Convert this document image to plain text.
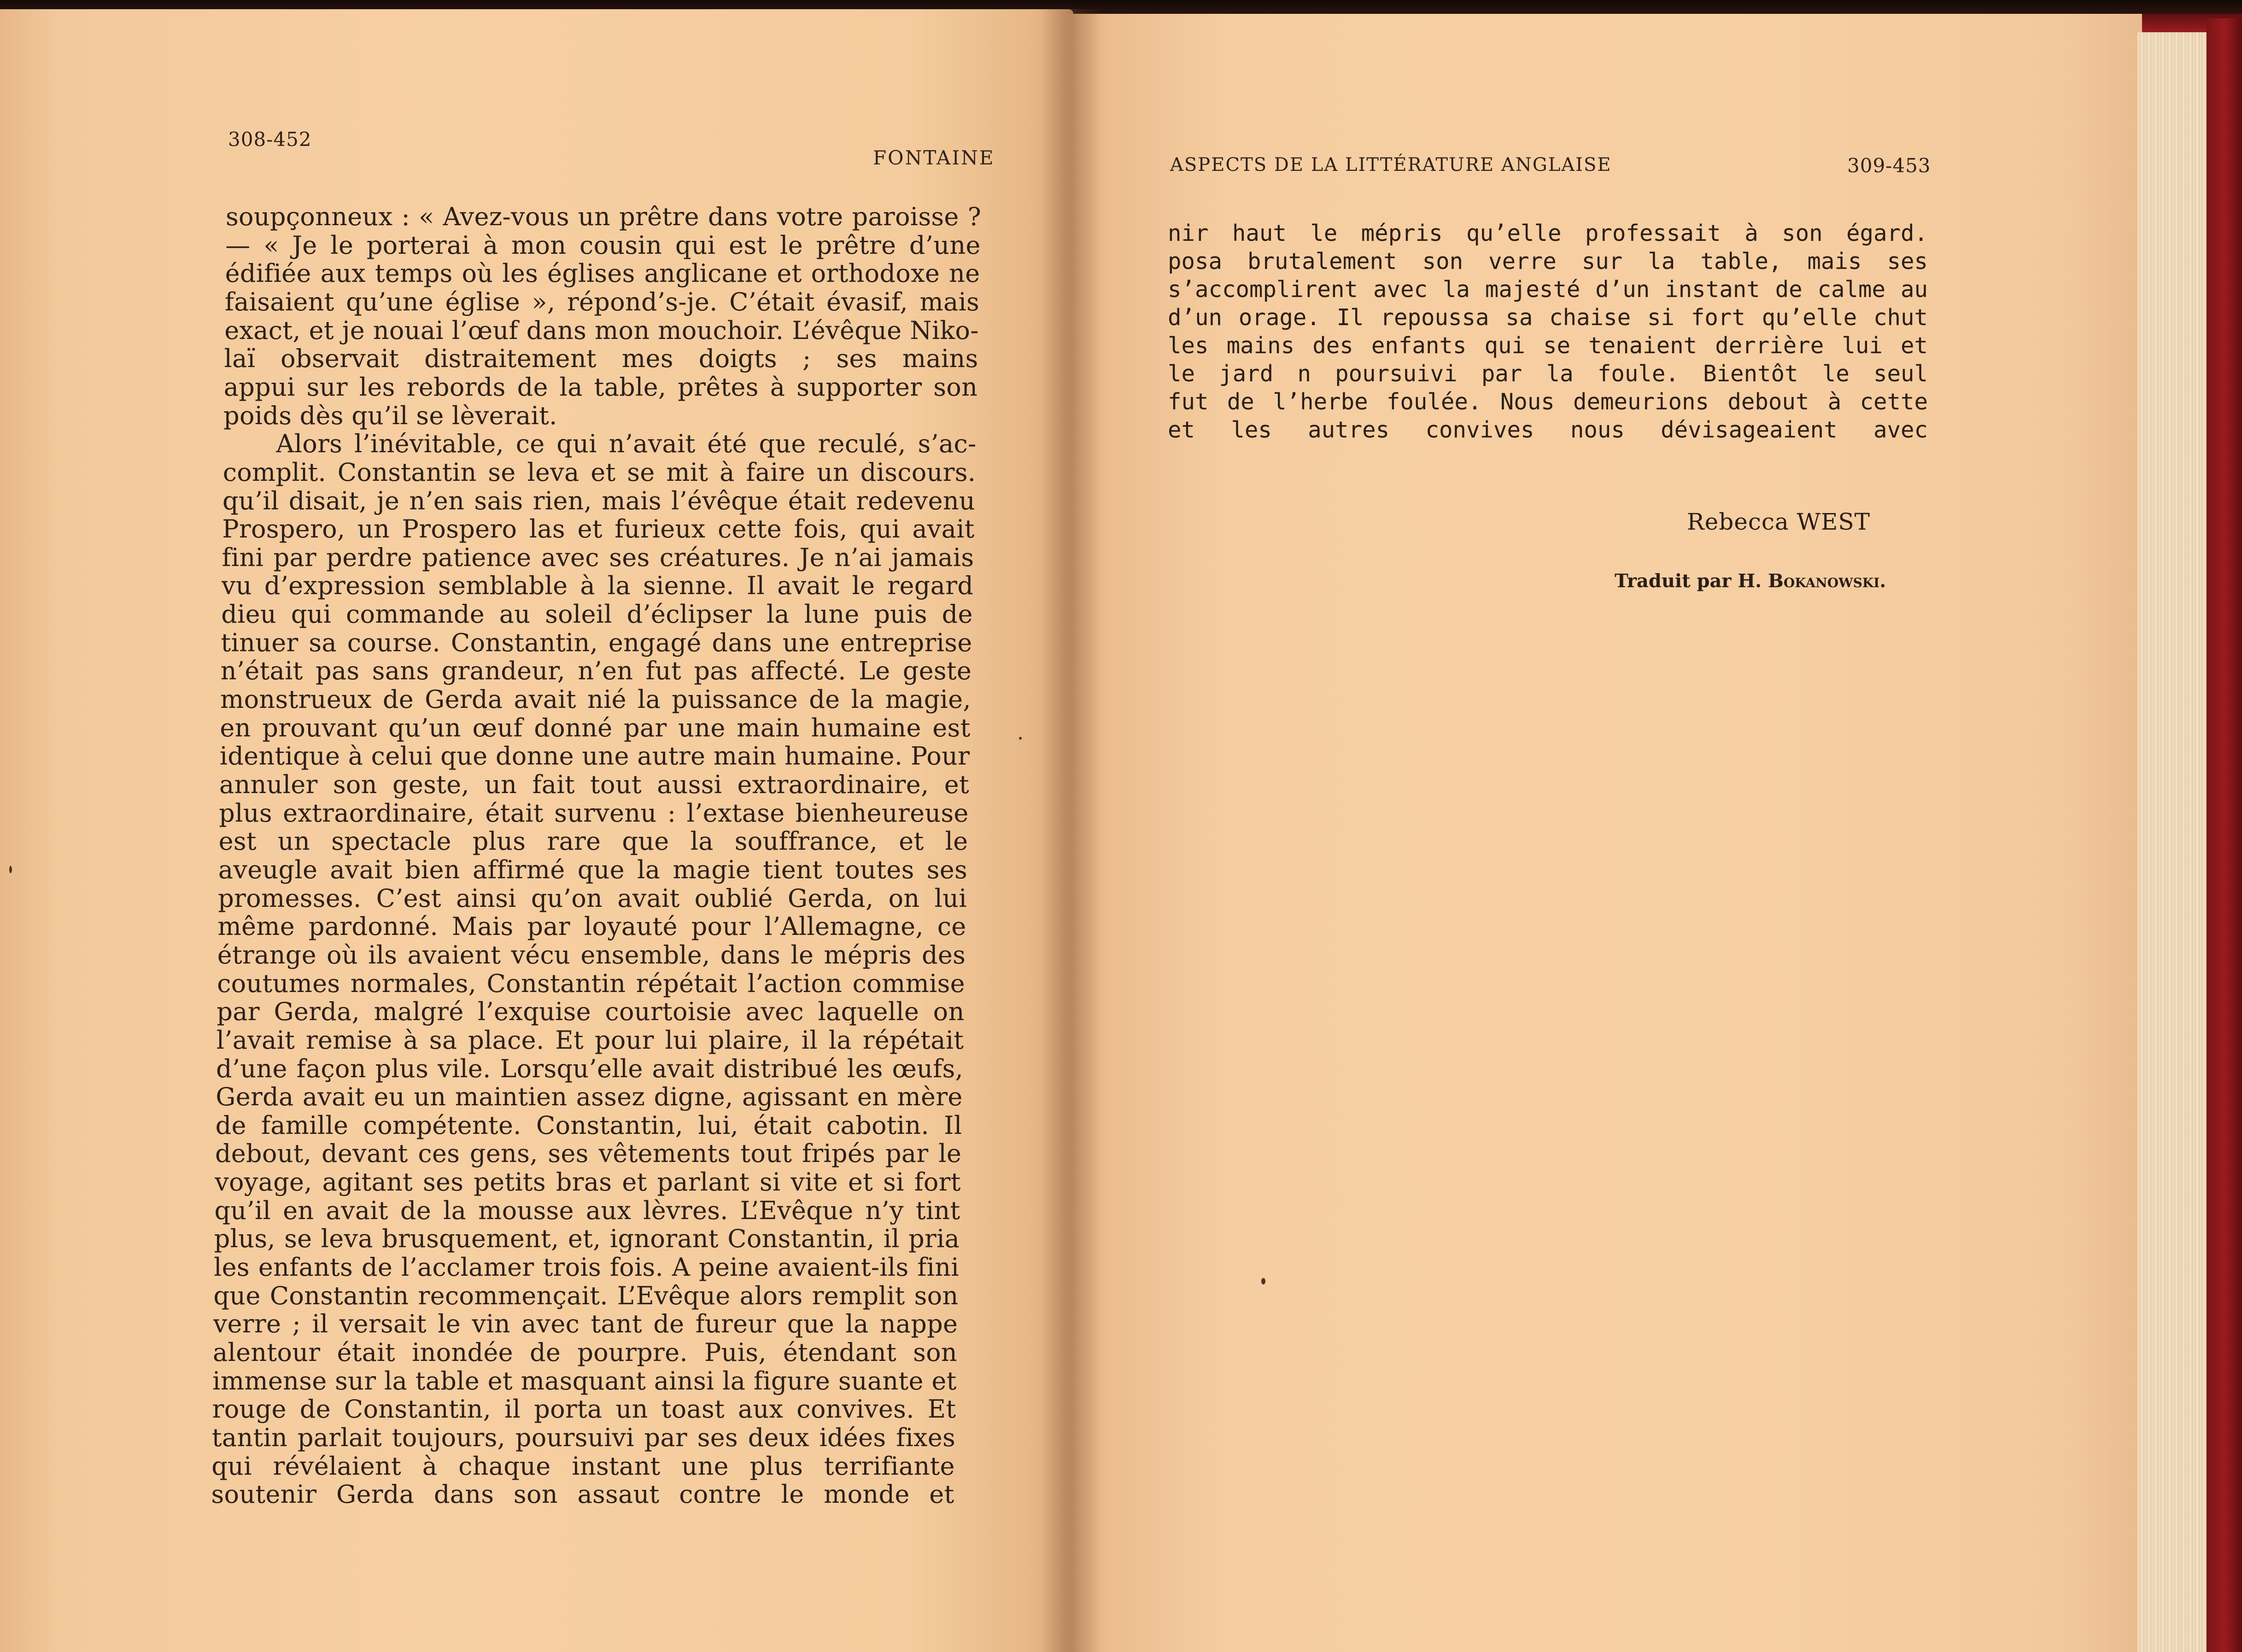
308-452
FONTAINE
soupçonneux : « Avez-vous un prêtre dans votre paroisse ?
— « Je le porterai à mon cousin qui est le prêtre d’une
édifiée aux temps où les églises anglicane et orthodoxe ne
faisaient qu’une église », répond’s-je. C’était évasif, mais
exact, et je nouai l’œuf dans mon mouchoir. L’évêque Niko-
laï observait distraitement mes doigts ; ses mains
appui sur les rebords de la table, prêtes à supporter son
poids dès qu’il se lèverait.
Alors l’inévitable, ce qui n’avait été que reculé, s’ac-
complit. Constantin se leva et se mit à faire un discours.
qu’il disait, je n’en sais rien, mais l’évêque était redevenu
Prospero, un Prospero las et furieux cette fois, qui avait
fini par perdre patience avec ses créatures. Je n’ai jamais
vu d’expression semblable à la sienne. Il avait le regard
dieu qui commande au soleil d’éclipser la lune puis de
tinuer sa course. Constantin, engagé dans une entreprise
n’était pas sans grandeur, n’en fut pas affecté. Le geste
monstrueux de Gerda avait nié la puissance de la magie,
en prouvant qu’un œuf donné par une main humaine est
identique à celui que donne une autre main humaine. Pour
annuler son geste, un fait tout aussi extraordinaire, et
plus extraordinaire, était survenu : l’extase bienheureuse
est un spectacle plus rare que la souffrance, et le
aveugle avait bien affirmé que la magie tient toutes ses
promesses. C’est ainsi qu’on avait oublié Gerda, on lui
même pardonné. Mais par loyauté pour l’Allemagne, ce
étrange où ils avaient vécu ensemble, dans le mépris des
coutumes normales, Constantin répétait l’action commise
par Gerda, malgré l’exquise courtoisie avec laquelle on
l’avait remise à sa place. Et pour lui plaire, il la répétait
d’une façon plus vile. Lorsqu’elle avait distribué les œufs,
Gerda avait eu un maintien assez digne, agissant en mère
de famille compétente. Constantin, lui, était cabotin. Il
debout, devant ces gens, ses vêtements tout fripés par le
voyage, agitant ses petits bras et parlant si vite et si fort
qu’il en avait de la mousse aux lèvres. L’Evêque n’y tint
plus, se leva brusquement, et, ignorant Constantin, il pria
les enfants de l’acclamer trois fois. A peine avaient-ils fini
que Constantin recommençait. L’Evêque alors remplit son
verre ; il versait le vin avec tant de fureur que la nappe
alentour était inondée de pourpre. Puis, étendant son
immense sur la table et masquant ainsi la figure suante et
rouge de Constantin, il porta un toast aux convives. Et
tantin parlait toujours, poursuivi par ses deux idées fixes
qui révélaient à chaque instant une plus terrifiante
soutenir Gerda dans son assaut contre le monde et
ASPECTS DE LA LITTÉRATURE ANGLAISE	309-453
nir haut le mépris qu’elle professait à son égard.
posa brutalement son verre sur la table, mais ses
s’accomplirent avec la majesté d’un instant de calme au
d’un orage. Il repoussa sa chaise si fort qu’elle chut
les mains des enfants qui se tenaient derrière lui et
le jard n poursuivi par la foule. Bientôt le seul
fut de l’herbe foulée. Nous demeurions debout à cette
et les autres convives nous dévisageaient avec
Rebecca WEST
Traduit par H. Bokanowski.
